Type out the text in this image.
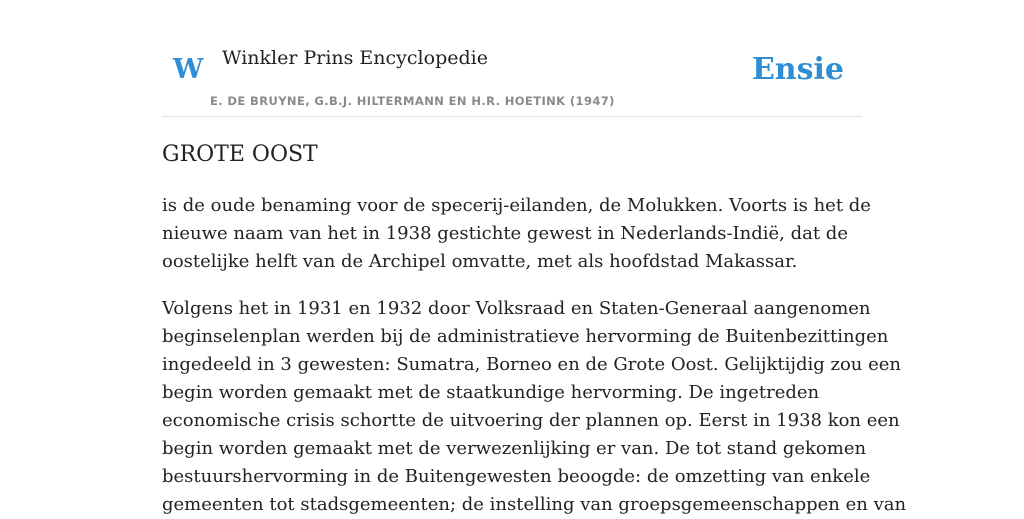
W Winkler Prins Encyclopedie
E. DE BRUYNE, G.B.J. HILTERMANN EN H.R. HOETINK (1947)
Ensie
GROTE OOST

is de oude benaming voor de specerij-eilanden, de Molukken. Voorts is het de
nieuwe naam van het in 1938 gestichte gewest in Nederlands-Indië, dat de
oostelijke helft van de Archipel omvatte, met als hoofdstad Makassar.

Volgens het in 1931 en 1932 door Volksraad en Staten-Generaal aangenomen
beginselenplan werden bij de administratieve hervorming de Buitenbezittingen
ingedeeld in 3 gewesten: Sumatra, Borneo en de Grote Oost. Gelijktijdig zou een
begin worden gemaakt met de staatkundige hervorming. De ingetreden
economische crisis schortte de uitvoering der plannen op. Eerst in 1938 kon een
begin worden gemaakt met de verwezenlijking er van. De tot stand gekomen
bestuurshervorming in de Buitengewesten beoogde: de omzetting van enkele
gemeenten tot stadsgemeenten; de instelling van groepsgemeenschappen en van
